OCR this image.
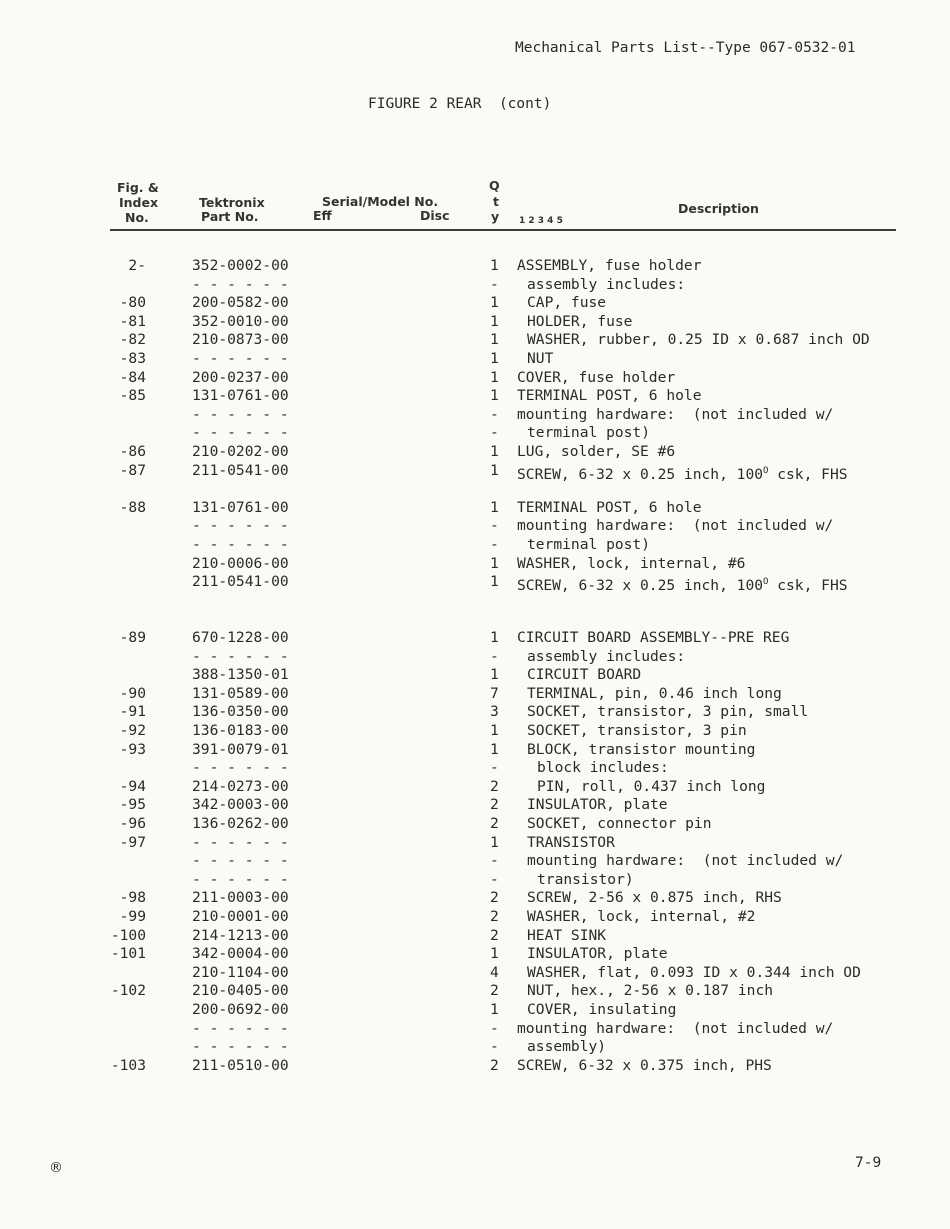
Mechanical Parts List--Type 067-0532-01
FIGURE 2 REAR  (cont)
Fig. &
Index
No.
Tektronix
Part No.
Serial/Model No.
Eff	Disc
Q
t
y 1 2 3 4 5
Description
2-	352-0002-00	1 ASSEMBLY, fuse holder
- - - - - -	- assembly includes:
-80	200-0582-00	1 CAP, fuse
-81	352-0010-00	1 HOLDER, fuse
-82	210-0873-00	1 WASHER, rubber, 0.25 ID x 0.687 inch OD
-83	- - - - - -	1 NUT
-84	200-0237-00	1 COVER, fuse holder
-85	131-0761-00	1 TERMINAL POST, 6 hole
- - - - - -	- mounting hardware:  (not included w/
- - - - - -	- terminal post)
-86	210-0202-00	1 LUG, solder, SE #6
-87	211-0541-00	1 SCREW, 6-32 x 0.25 inch, $100^O$ csk, FHS
-88	131-0761-00	1 TERMINAL POST, 6 hole
- - - - - -	- mounting hardware:  (not included w/
- - - - - -	- terminal post)
210-0006-00	1 WASHER, lock, internal, #6
211-0541-00	1 SCREW, 6-32 x 0.25 inch, $100^O$ csk, FHS
-89	670-1228-00	1 CIRCUIT BOARD ASSEMBLY--PRE REG
- - - - - -	- assembly includes:
388-1350-01	1 CIRCUIT BOARD
-90	131-0589-00	7 TERMINAL, pin, 0.46 inch long
-91	136-0350-00	3 SOCKET, transistor, 3 pin, small
-92	136-0183-00	1 SOCKET, transistor, 3 pin
-93	391-0079-01	1 BLOCK, transistor mounting
- - - - - -	-	block includes:
-94	214-0273-00	2	PIN, roll, 0.437 inch long
-95	342-0003-00	2 INSULATOR, plate
-96	136-0262-00	2 SOCKET, connector pin
-97	- - - - - -	1 TRANSISTOR
- - - - - -	- mounting hardware:  (not included w/
- - - - - -	-	transistor)
-98	211-0003-00	2 SCREW, 2-56 x 0.875 inch, RHS
-99	210-0001-00	2 WASHER, lock, internal, #2
-100	214-1213-00	2 HEAT SINK
-101	342-0004-00	1 INSULATOR, plate
210-1104-00	4 WASHER, flat, 0.093 ID x 0.344 inch OD
-102	210-0405-00	2 NUT, hex., 2-56 x 0.187 inch
200-0692-00	1 COVER, insulating
- - - - - -	- mounting hardware:  (not included w/
- - - - - -	- assembly)
-103	211-0510-00	2 SCREW, 6-32 x 0.375 inch, PHS
®	7-9
